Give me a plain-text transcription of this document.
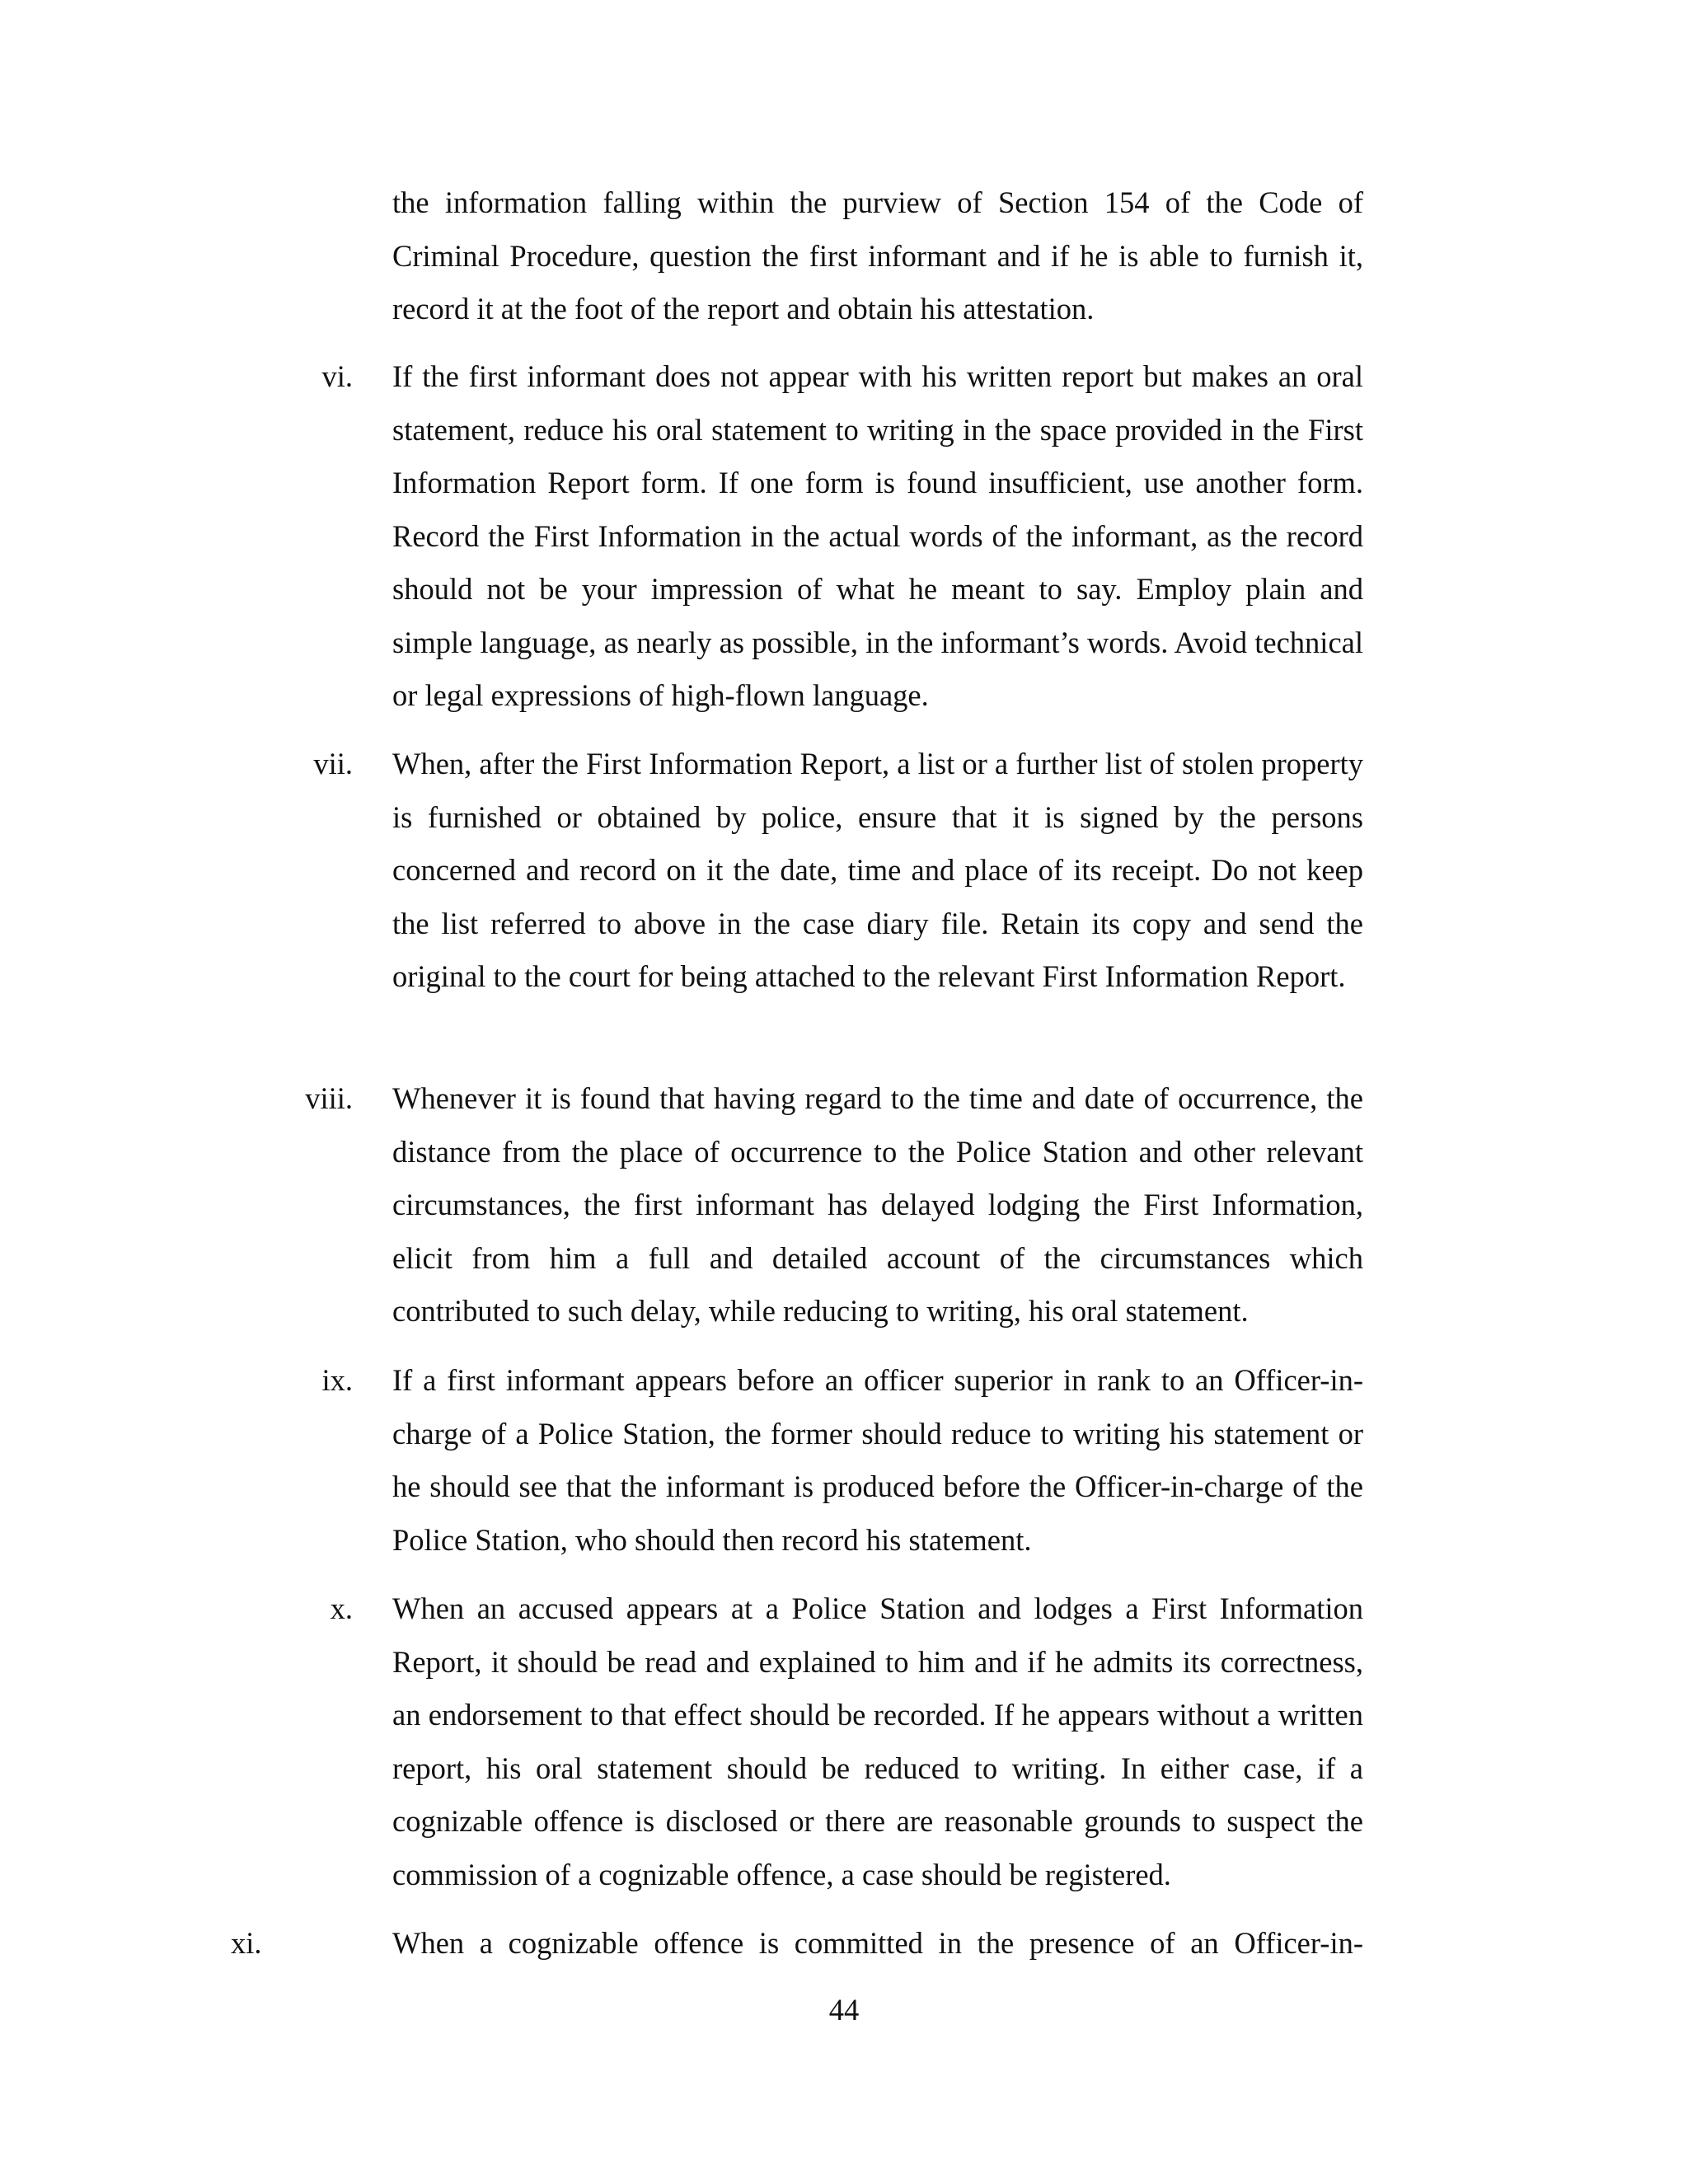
the information falling within the purview of Section 154 of the Code of Criminal Procedure, question the first informant and if he is able to furnish it, record it at the foot of the report and obtain his attestation.
vi. If the first informant does not appear with his written report but makes an oral statement, reduce his oral statement to writing in the space provided in the First Information Report form. If one form is found insufficient, use another form. Record the First Information in the actual words of the informant, as the record should not be your impression of what he meant to say. Employ plain and simple language, as nearly as possible, in the informant’s words. Avoid technical or legal expressions of high-flown language.
vii. When, after the First Information Report, a list or a further list of stolen property is furnished or obtained by police, ensure that it is signed by the persons concerned and record on it the date, time and place of its receipt. Do not keep the list referred to above in the case diary file. Retain its copy and send the original to the court for being attached to the relevant First Information Report.
viii. Whenever it is found that having regard to the time and date of occurrence, the distance from the place of occurrence to the Police Station and other relevant circumstances, the first informant has delayed lodging the First Information, elicit from him a full and detailed account of the circumstances which contributed to such delay, while reducing to writing, his oral statement.
ix. If a first informant appears before an officer superior in rank to an Officer-in-charge of a Police Station, the former should reduce to writing his statement or he should see that the informant is produced before the Officer-in-charge of the Police Station, who should then record his statement.
x. When an accused appears at a Police Station and lodges a First Information Report, it should be read and explained to him and if he admits its correctness, an endorsement to that effect should be recorded. If he appears without a written report, his oral statement should be reduced to writing. In either case, if a cognizable offence is disclosed or there are reasonable grounds to suspect the commission of a cognizable offence, a case should be registered.
xi.	When a cognizable offence is committed in the presence of an Officer-in-
44
